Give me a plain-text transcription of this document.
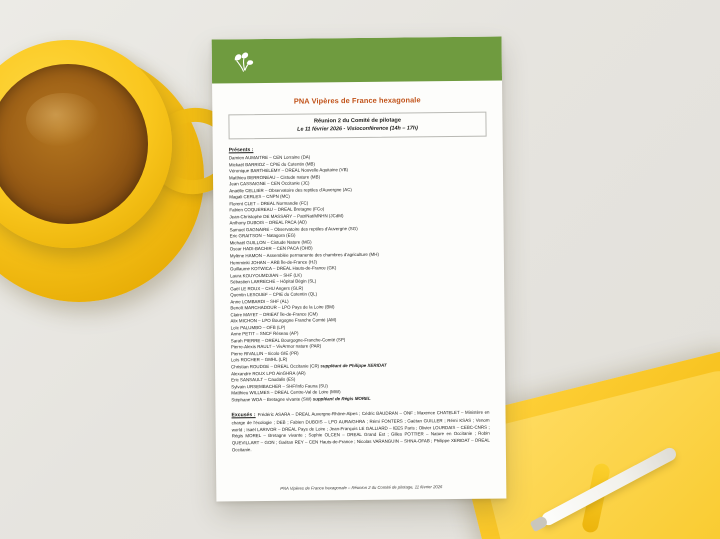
PNA Vipères de France hexagonale
Réunion 2 du Comité de pilotage
Le 11 février 2026 - Visioconférence (14h – 17h)
Présents :
Damien AUMAITRE – CEN Lorraine (DA)
Mickaël BARRIOZ – CPIE du Cotentin (MB)
Véronique BARTHELEMY – DREAL Nouvelle Aquitaine (VB)
Matthieu BERRONEAU – Cistude nature (MB)
Jean CASSAIGNE – CEN Occitanie (JC)
Anaëlle CELLIER – Observatoire des reptiles d'Auvergne (AC)
Magali CERLES – CNPN (MC)
Florent CLET – DREAL Normandie (FC)
Fabien COQUEREAU – DREAL Bretagne (FCo)
Jean-Christophe DE MASSARY – PatriNat/MNHN (JCdM)
Anthony DUBOIS – DREAL PACA (AD)
Samuel GAGNAIRE – Observatoire des reptiles d'Auvergne (SG)
Eric GRAITSON – Natagora (EG)
Michaël GUILLON – Cistude Nature (MG)
Oscar HADI-BACHIR – CEN PACA (OHB)
Mylène HAMON – Assemblée permanente des chambres d'agriculture (MH)
Hemminki JOHAN – ARB Île-de-France (HJ)
Guillaume KOTWICA – DREAL Hauts-de-France (GK)
Laura KOUYOUMDJIAN – SHF (LK)
Sébastien LARRECHE – Hôpital Bégin (SL)
Gaël LE ROUX – CHU Angers (GLR)
Quentin LESOUEF – CPIE du Cotentin (QL)
Anne LOMBARDI – SHF (AL)
Benoît MARCHADOUR – LPO Pays de la Loire (BM)
Claire MAYET – DRIEAT Île-de-France (CM)
Alix MICHON – LPO Bourgogne Franche Comté (AM)
Loïc PALUMBO – OFB (LP)
Anne PETIT – SNCF Réseau (AP)
Sarah PIERRE – DREAL Bourgogne-Franche-Comté (SP)
Pierre-Alexis RAULT – VivArmor nature (PAR)
Pierre RIVALLIN – Ecolo GIE (PR)
Loïs ROCHER – GMHL (LR)
Christian ROUDGE – DREAL Occitanie (CR) suppléant de Philippe XERIDAT
Alexandre ROUX LPO AinGHRA (AR)
Eric SANSAULT – Caudalis (ES)
Sylvain URSEMBACHER – SHF/Info Fauna (SU)
Matthieu WILLMES – DREAL Centre-Val de Loire (MW)
Stéphane WOA – Bretagne vivante (SW) suppléant de Régis MOREL
Excusés : Frédéric ASARA – DREAL Auvergne-Rhône-Alpes ; Cédric BAUDRAN – ONF ; Maxence CHATELET – Ministère en charge de l'écologie ; DEB ; Fabien DUBOIS – LPO AURA/GHRA ; Rémi FONTERS ; Gaëtan GUILLER ; Rémi KSAS ; Venom world ; Isaël LARIVOR – DREAL Pays de Loire ; Jean-François LE GALLIARD – IEES Paris ; Olivier LOURDAIS – CEBC-CNRS ; Régis MOREL – Bretagne vivante ; Sophie OLCEN – DREAL Grand Est ; Gilles POTTIER – Nature en Occitanie ; Robin QUEVILLART – GON ; Gaëtan REY – CEN Hauts-de-France ; Nicolas VARANGUIN – SHNA-OFAB ; Philippe XERIDAT – DREAL Occitanie.
PNA Vipères de France hexagonale – Réunion 2 du Comité de pilotage, 11 février 2026
